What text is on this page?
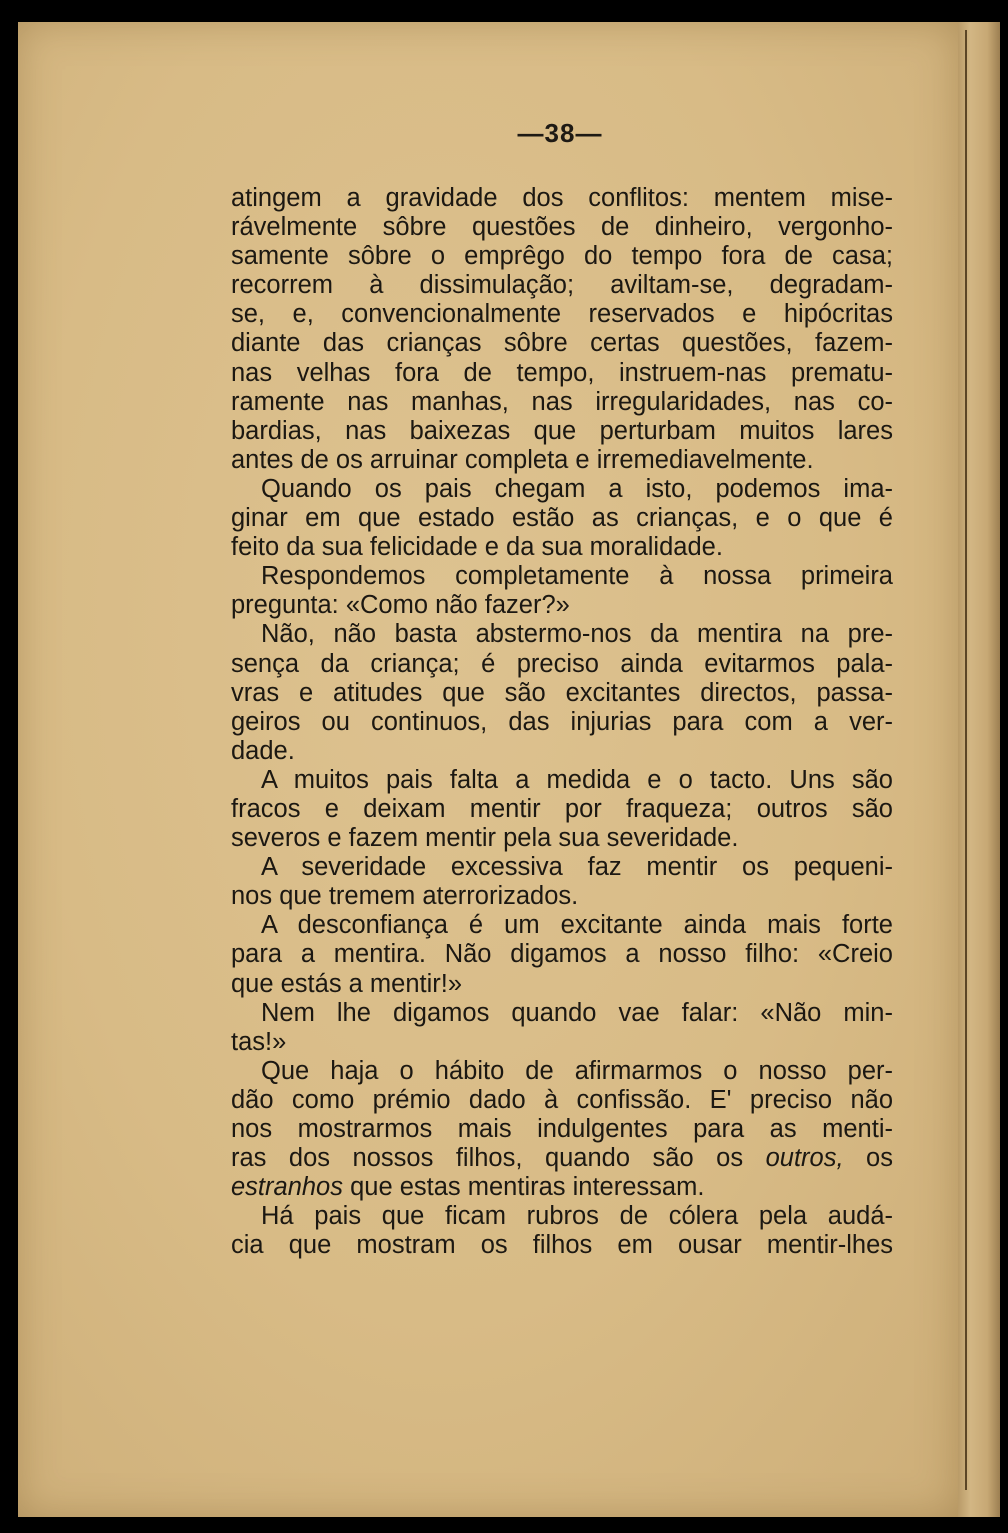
—38—
atingem a gravidade dos conflitos: mentem mise-
rávelmente sôbre questões de dinheiro, vergonho-
samente sôbre o emprêgo do tempo fora de casa;
recorrem à dissimulação; aviltam-se, degradam-
se, e, convencionalmente reservados e hipócritas
diante das crianças sôbre certas questões, fazem-
nas velhas fora de tempo, instruem-nas prematu-
ramente nas manhas, nas irregularidades, nas co-
bardias, nas baixezas que perturbam muitos lares
antes de os arruinar completa e irremediavelmente.
Quando os pais chegam a isto, podemos ima-
ginar em que estado estão as crianças, e o que é
feito da sua felicidade e da sua moralidade.
Respondemos completamente à nossa primeira
pregunta: «Como não fazer?»
Não, não basta abstermo-nos da mentira na pre-
sença da criança; é preciso ainda evitarmos pala-
vras e atitudes que são excitantes directos, passa-
geiros ou continuos, das injurias para com a ver-
dade.
A muitos pais falta a medida e o tacto. Uns são
fracos e deixam mentir por fraqueza; outros são
severos e fazem mentir pela sua severidade.
A severidade excessiva faz mentir os pequeni-
nos que tremem aterrorizados.
A desconfiança é um excitante ainda mais forte
para a mentira. Não digamos a nosso filho: «Creio
que estás a mentir!»
Nem lhe digamos quando vae falar: «Não min-
tas!»
Que haja o hábito de afirmarmos o nosso per-
dão como prémio dado à confissão. E' preciso não
nos mostrarmos mais indulgentes para as menti-
ras dos nossos filhos, quando são os outros, os
estranhos que estas mentiras interessam.
Há pais que ficam rubros de cólera pela audá-
cia que mostram os filhos em ousar mentir-lhes
